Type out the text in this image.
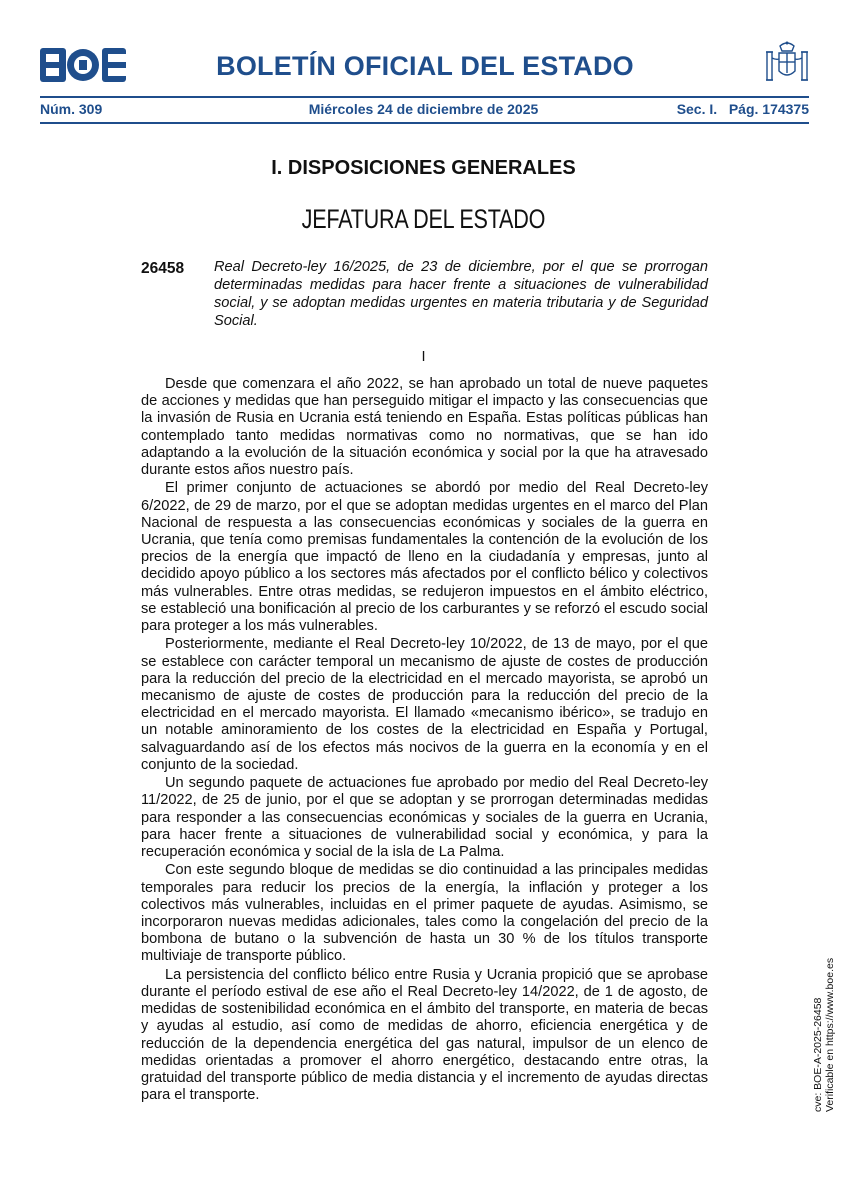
BOLETÍN OFICIAL DEL ESTADO
Núm. 309	Miércoles 24 de diciembre de 2025	Sec. I.   Pág. 174375
I. DISPOSICIONES GENERALES
JEFATURA DEL ESTADO
26458 Real Decreto-ley 16/2025, de 23 de diciembre, por el que se prorrogan determinadas medidas para hacer frente a situaciones de vulnerabilidad social, y se adoptan medidas urgentes en materia tributaria y de Seguridad Social.
I

Desde que comenzara el año 2022, se han aprobado un total de nueve paquetes de acciones y medidas que han perseguido mitigar el impacto y las consecuencias que la invasión de Rusia en Ucrania está teniendo en España. Estas políticas públicas han contemplado tanto medidas normativas como no normativas, que se han ido adaptando a la evolución de la situación económica y social por la que ha atravesado durante estos años nuestro país.

El primer conjunto de actuaciones se abordó por medio del Real Decreto-ley 6/2022, de 29 de marzo, por el que se adoptan medidas urgentes en el marco del Plan Nacional de respuesta a las consecuencias económicas y sociales de la guerra en Ucrania, que tenía como premisas fundamentales la contención de la evolución de los precios de la energía que impactó de lleno en la ciudadanía y empresas, junto al decidido apoyo público a los sectores más afectados por el conflicto bélico y colectivos más vulnerables. Entre otras medidas, se redujeron impuestos en el ámbito eléctrico, se estableció una bonificación al precio de los carburantes y se reforzó el escudo social para proteger a los más vulnerables.

Posteriormente, mediante el Real Decreto-ley 10/2022, de 13 de mayo, por el que se establece con carácter temporal un mecanismo de ajuste de costes de producción para la reducción del precio de la electricidad en el mercado mayorista, se aprobó un mecanismo de ajuste de costes de producción para la reducción del precio de la electricidad en el mercado mayorista. El llamado «mecanismo ibérico», se tradujo en un notable aminoramiento de los costes de la electricidad en España y Portugal, salvaguardando así de los efectos más nocivos de la guerra en la economía y en el conjunto de la sociedad.

Un segundo paquete de actuaciones fue aprobado por medio del Real Decreto-ley 11/2022, de 25 de junio, por el que se adoptan y se prorrogan determinadas medidas para responder a las consecuencias económicas y sociales de la guerra en Ucrania, para hacer frente a situaciones de vulnerabilidad social y económica, y para la recuperación económica y social de la isla de La Palma.

Con este segundo bloque de medidas se dio continuidad a las principales medidas temporales para reducir los precios de la energía, la inflación y proteger a los colectivos más vulnerables, incluidas en el primer paquete de ayudas. Asimismo, se incorporaron nuevas medidas adicionales, tales como la congelación del precio de la bombona de butano o la subvención de hasta un 30 % de los títulos transporte multiviaje de transporte público.

La persistencia del conflicto bélico entre Rusia y Ucrania propició que se aprobase durante el período estival de ese año el Real Decreto-ley 14/2022, de 1 de agosto, de medidas de sostenibilidad económica en el ámbito del transporte, en materia de becas y ayudas al estudio, así como de medidas de ahorro, eficiencia energética y de reducción de la dependencia energética del gas natural, impulsor de un elenco de medidas orientadas a promover el ahorro energético, destacando entre otras, la gratuidad del transporte público de media distancia y el incremento de ayudas directas para el transporte.	cve: BOE-A-2025-26458 Verificable en https://www.boe.es
